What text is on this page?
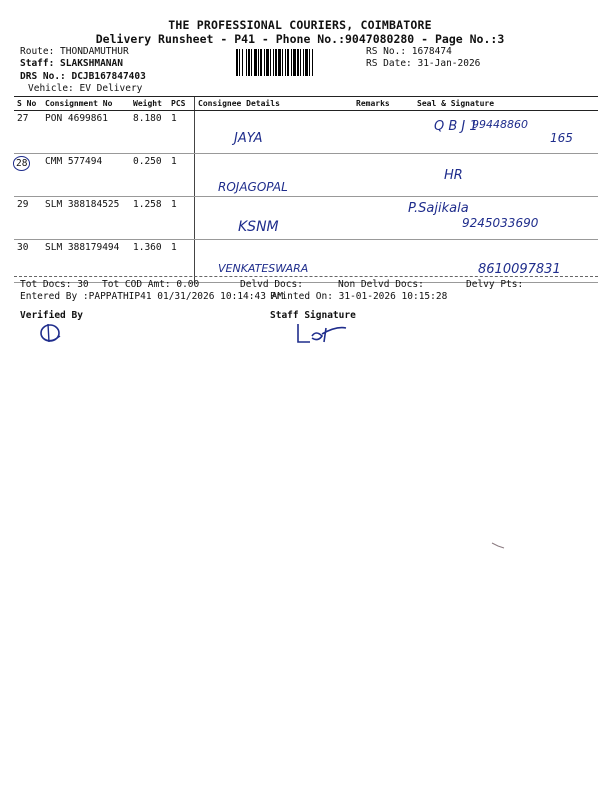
THE PROFESSIONAL COURIERS, COIMBATORE
Delivery Runsheet - P41 - Phone No.:9047080280 - Page No.:3
Route: THONDAMUTHUR
Staff: SLAKSHMANAN
DRS No.: DCJB167847403
Vehicle: EV Delivery
RS No.: 1678474
RS Date: 31-Jan-2026
S No	Consignment No	Weight	PCS	Consignee Details	Remarks	Seal & Signature
27	PON 4699861	8.180	1	JAYA		Q B J 1
99448860
165

28	CMM 577494	0.250	1	ROJAGOPAL		HR

29	SLM 388184525	1.258	1	KSNM		P.Sajikala
9245033690

30	SLM 388179494	1.360	1	VENKATESWARA		8610097831
Tot Docs: 30 Tot COD Amt: 0.00	Delvd Docs:	Non Delvd Docs:	Delvy Pts:
Entered By :PAPPATHIP41 01/31/2026 10:14:43 AM
Printed On: 31-01-2026 10:15:28
Verified By	Staff Signature
